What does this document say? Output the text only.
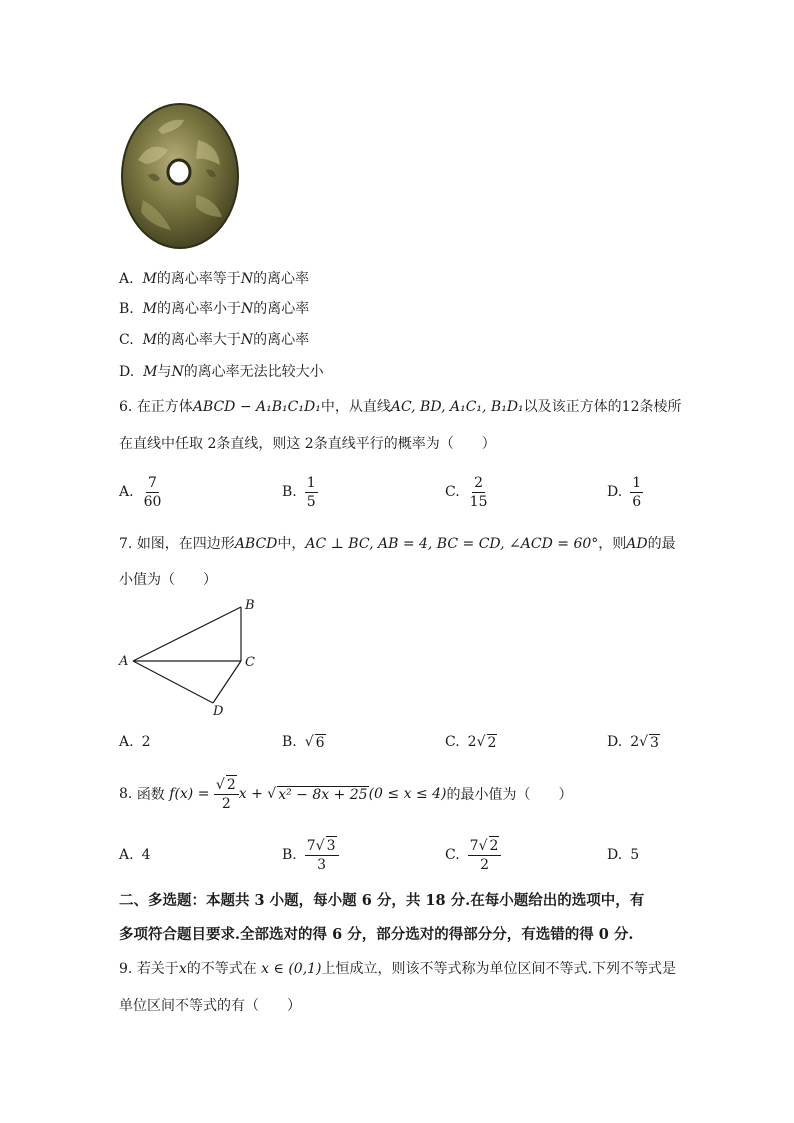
A. M的离心率等于N的离心率
B. M的离心率小于N的离心率
C. M的离心率大于N的离心率
D. M与N的离心率无法比较大小
6. 在正方体ABCD − A₁B₁C₁D₁中，从直线AC, BD, A₁C₁, B₁D₁以及该正方体的12条棱所
在直线中任取 2条直线，则这 2条直线平行的概率为（　　）
A. $\frac{7}{60}$	B. $\frac{1}{5}$	C. $\frac{2}{15}$	D. $\frac{1}{6}$
7. 如图，在四边形ABCD中，AC ⊥ BC, AB = 4, BC = CD, ∠ACD = 60°，则AD的最
小值为（　　）
A
B
C
D
A. 2	B. √ 6	C. 2 √ 2	D. 2 √ 3
8.
函数
f(x) =
$\frac{√ 2}{2}$ x +
√ x² − 8x + 25 (0 ≤ x ≤ 4) 的最小值为（　　）
A. 4	B. $\frac{7√ 3}{3}$	C. $\frac{7√ 2}{2}$	D. 5
二、多选题：本题共 3 小题，每小题 6 分，共 18 分.在每小题给出的选项中，有
多项符合题目要求.全部选对的得 6 分，部分选对的得部分分，有选错的得 0 分.
9. 若关于x的不等式在 x ∈ (0,1)上恒成立，则该不等式称为单位区间不等式.下列不等式是
单位区间不等式的有（　　）
